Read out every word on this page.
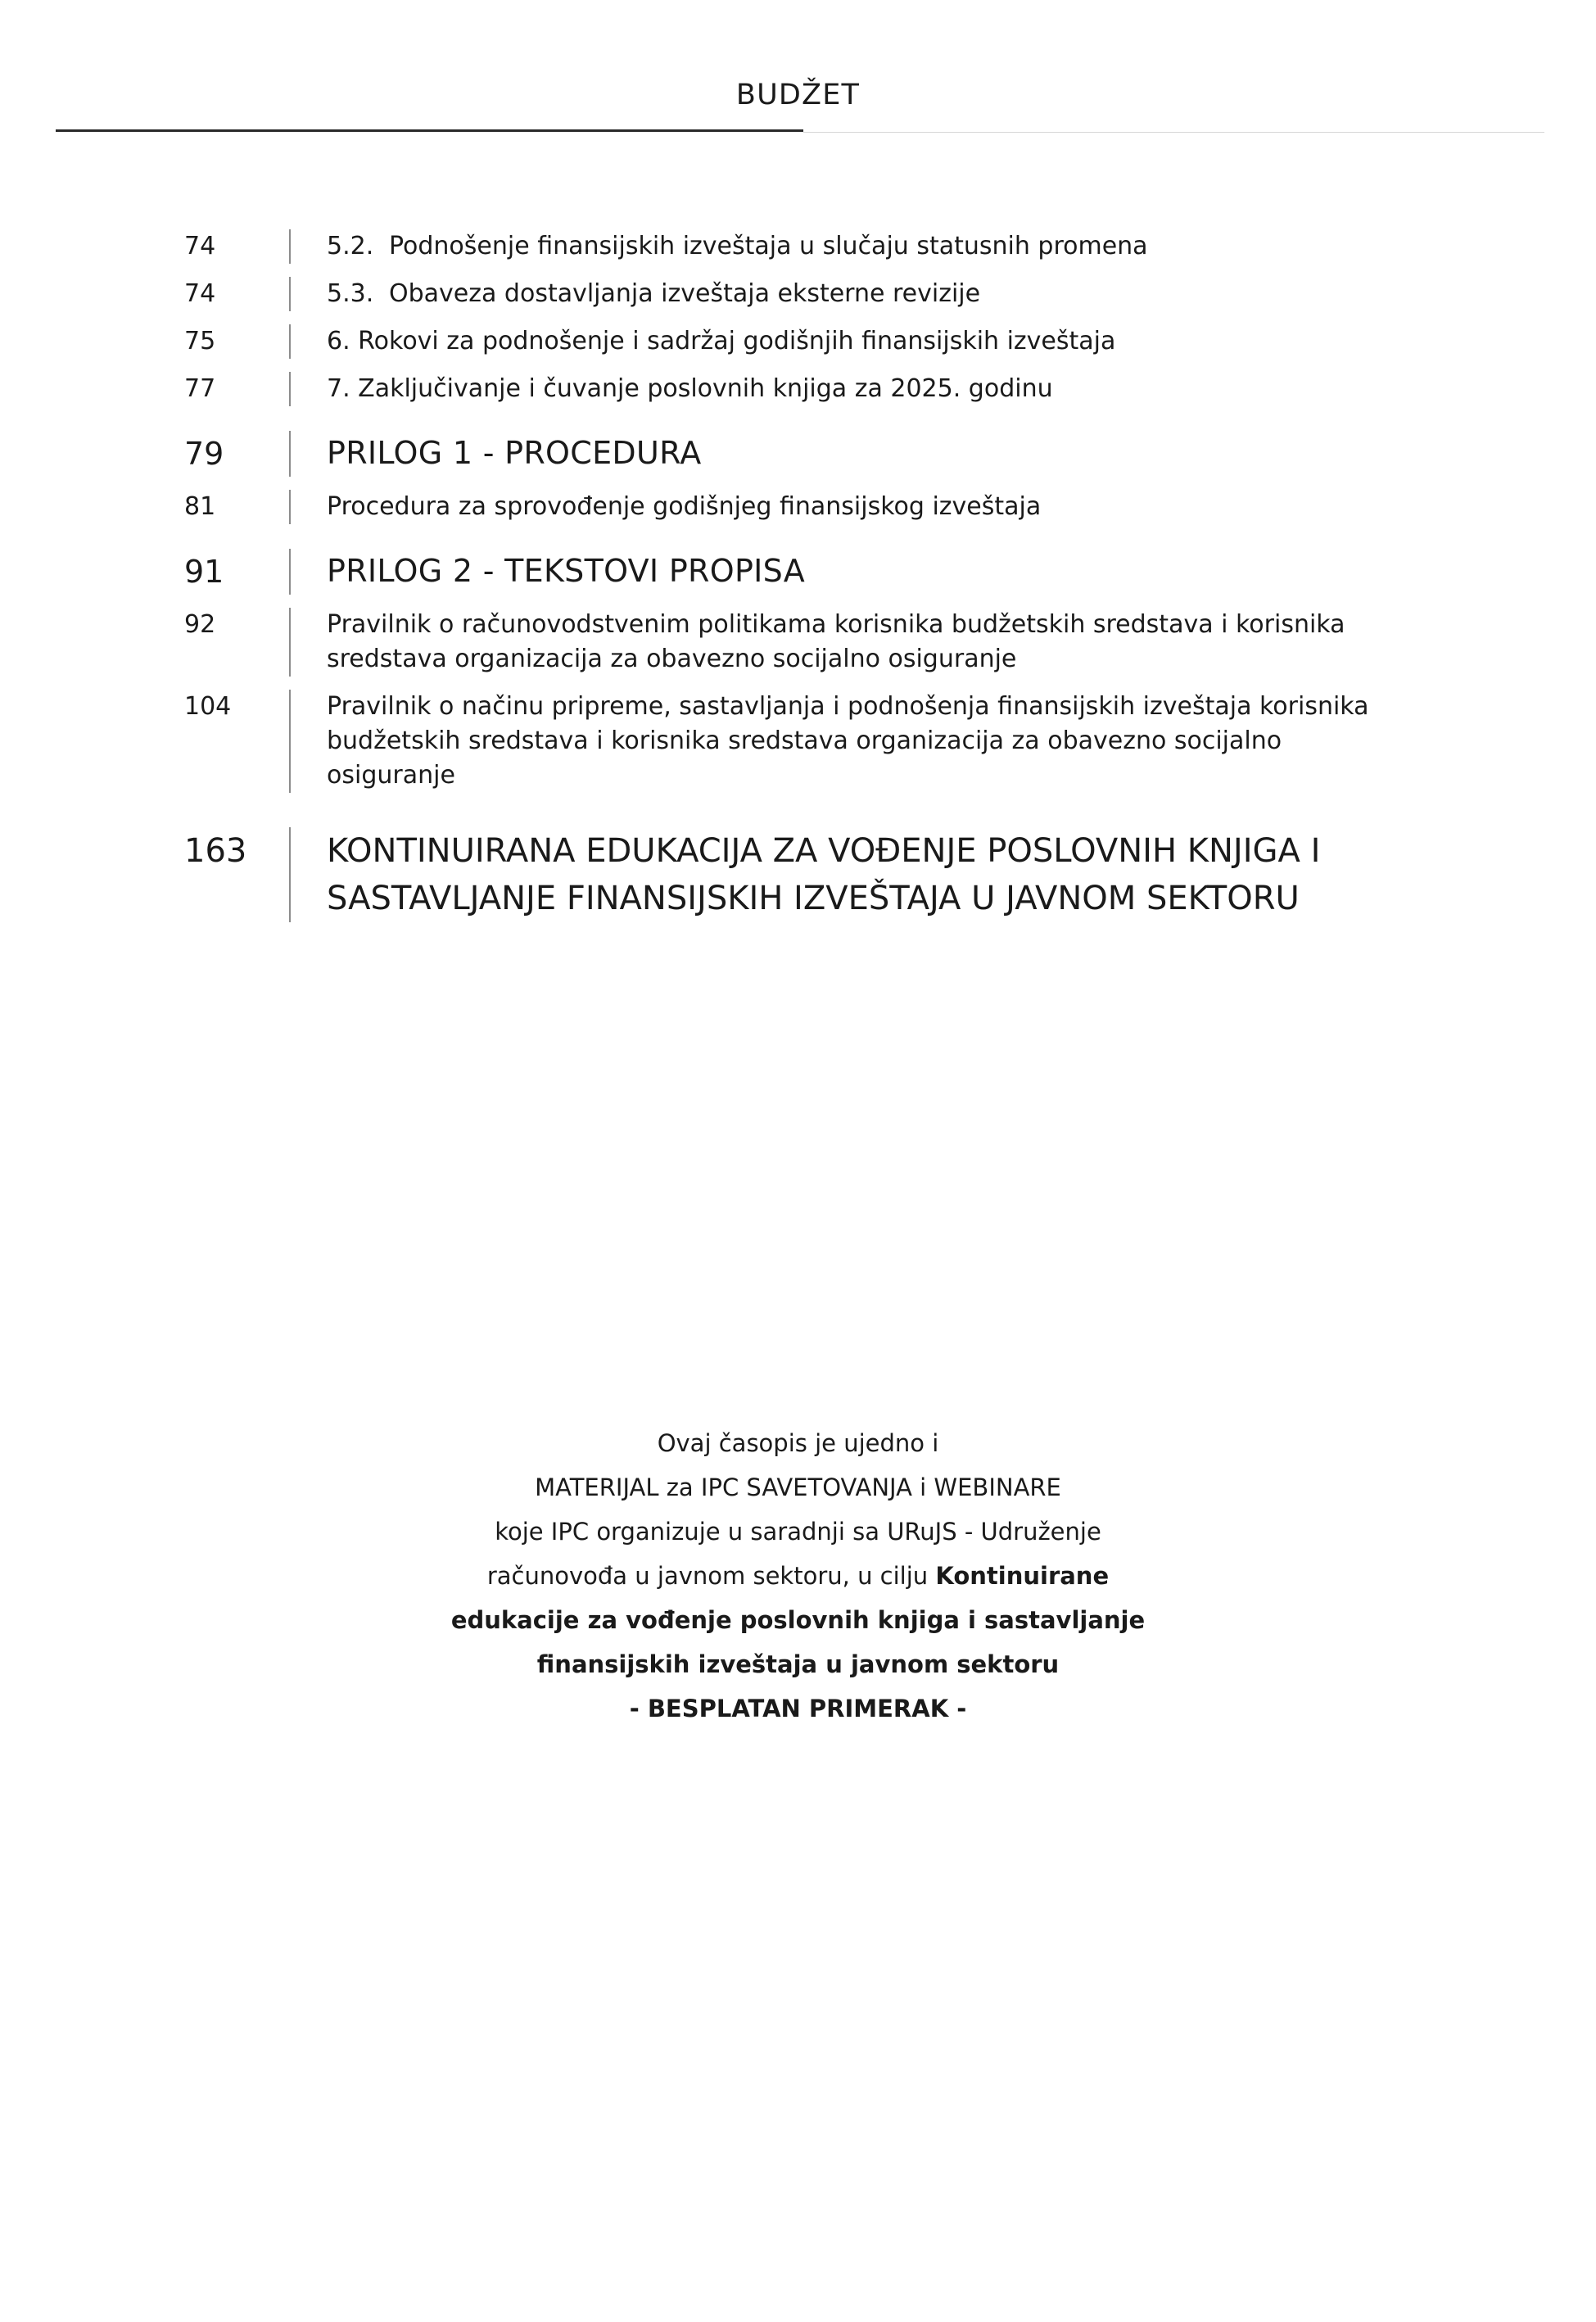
BUDŽET
74	5.2. Podnošenje finansijskih izveštaja u slučaju statusnih promena
74	5.3. Obaveza dostavljanja izveštaja eksterne revizije
75	6. Rokovi za podnošenje i sadržaj godišnjih finansijskih izveštaja
77	7. Zaključivanje i čuvanje poslovnih knjiga za 2025. godinu
79	PRILOG 1 - PROCEDURA
81	Procedura za sprovođenje godišnjeg finansijskog izveštaja
91	PRILOG 2 - TEKSTOVI PROPISA
92	Pravilnik o računovodstvenim politikama korisnika budžetskih sredstava i korisnika sredstava organizacija za obavezno socijalno osiguranje
104	Pravilnik o načinu pripreme, sastavljanja i podnošenja finansijskih izveštaja korisnika budžetskih sredstava i korisnika sredstava organizacija za obavezno socijalno osiguranje
163	KONTINUIRANA EDUKACIJA ZA VOĐENJE POSLOVNIH KNJIGA I SASTAVLJANJE FINANSIJSKIH IZVEŠTAJA U JAVNOM SEKTORU
Ovaj časopis je ujedno i
MATERIJAL za IPC SAVETOVANJA i WEBINARE
koje IPC organizuje u saradnji sa URuJS - Udruženje
računovođa u javnom sektoru, u cilju Kontinuirane
edukacije za vođenje poslovnih knjiga i sastavljanje
finansijskih izveštaja u javnom sektoru
- BESPLATAN PRIMERAK -
